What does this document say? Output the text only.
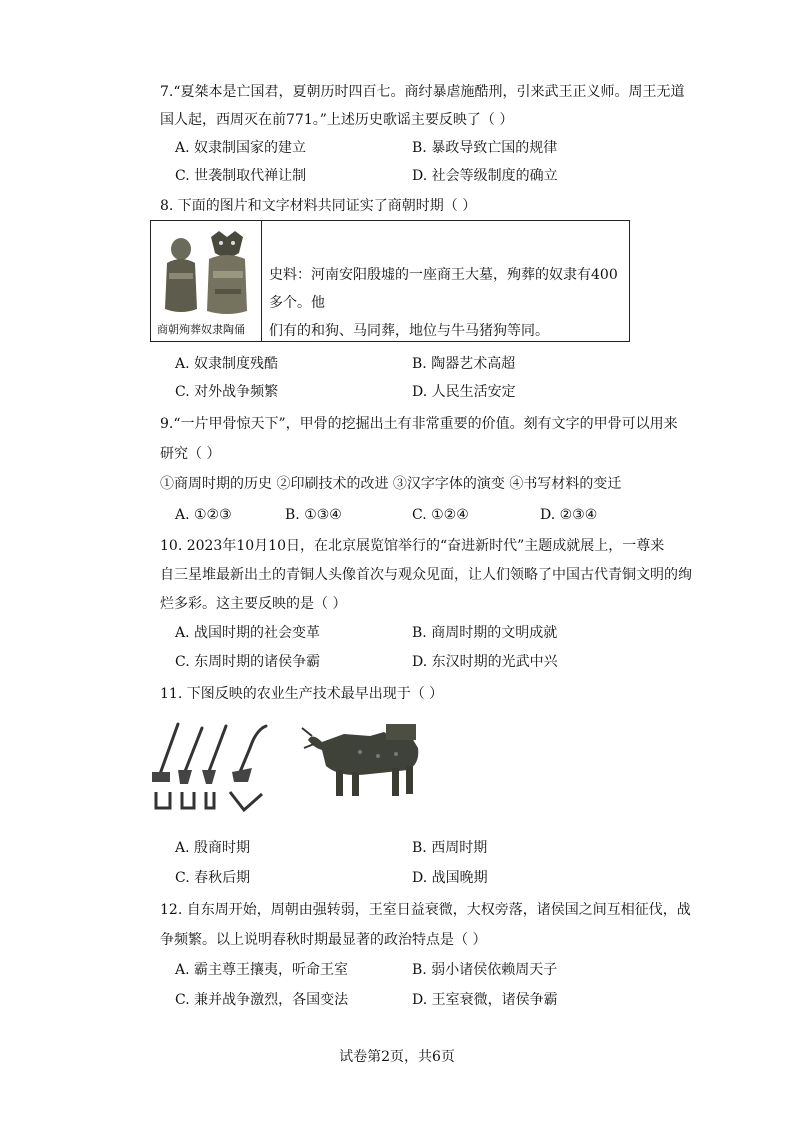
7.“夏桀本是亡国君，夏朝历时四百七。商纣暴虐施酷刑，引来武王正义师。周王无道
国人起，西周灭在前771。”上述历史歌谣主要反映了（ ）
A. 奴隶制国家的建立	B. 暴政导致亡国的规律
C. 世袭制取代禅让制	D. 社会等级制度的确立
8. 下面的图片和文字材料共同证实了商朝时期（ ）
商朝殉葬奴隶陶俑
史料：河南安阳殷墟的一座商王大墓，殉葬的奴隶有400多个。他
们有的和狗、马同葬，地位与牛马猪狗等同。
A. 奴隶制度残酷	B. 陶器艺术高超
C. 对外战争频繁	D. 人民生活安定
9.“一片甲骨惊天下”，甲骨的挖掘出土有非常重要的价值。刻有文字的甲骨可以用来
研究（ ）
①商周时期的历史 ②印刷技术的改进 ③汉字字体的演变 ④书写材料的变迁
A. ①②③	B. ①③④	C. ①②④	D. ②③④
10. 2023年10月10日，在北京展览馆举行的“奋进新时代”主题成就展上，一尊来
自三星堆最新出土的青铜人头像首次与观众见面，让人们领略了中国古代青铜文明的绚
烂多彩。这主要反映的是（ ）
A. 战国时期的社会变革	B. 商周时期的文明成就
C. 东周时期的诸侯争霸	D. 东汉时期的光武中兴
11. 下图反映的农业生产技术最早出现于（ ）
A. 殷商时期	B. 西周时期
C. 春秋后期	D. 战国晚期
12. 自东周开始，周朝由强转弱，王室日益衰微，大权旁落，诸侯国之间互相征伐，战
争频繁。以上说明春秋时期最显著的政治特点是（ ）
A. 霸主尊王攘夷，听命王室	B. 弱小诸侯依赖周天子
C. 兼并战争激烈，各国变法	D. 王室衰微，诸侯争霸
试卷第2页，共6页
